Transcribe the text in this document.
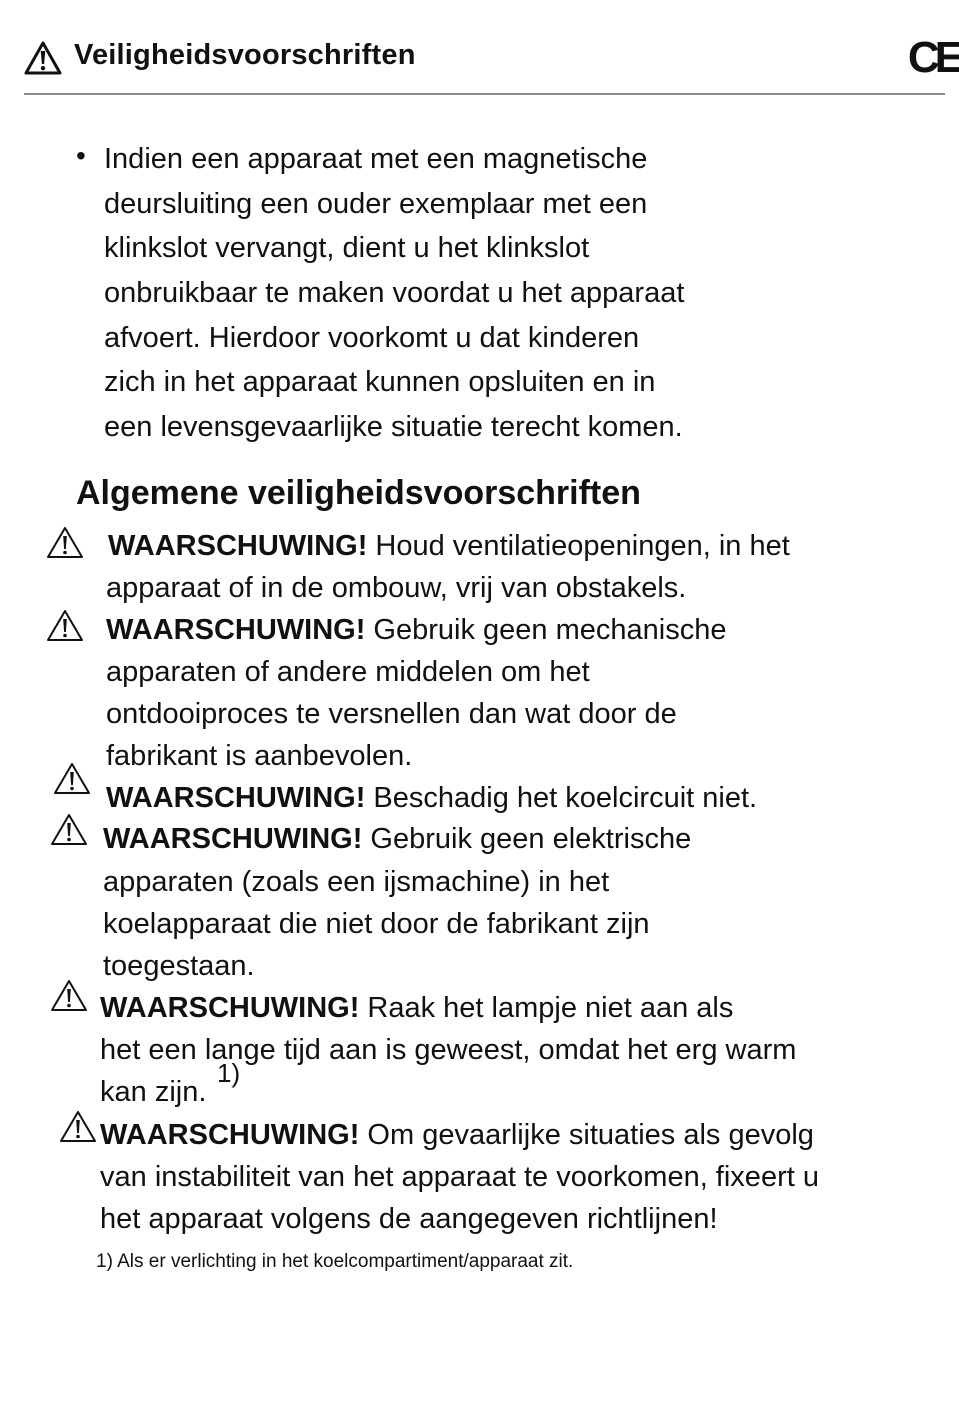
Veiligheidsvoorschriften	CE
• Indien een apparaat met een magnetische
deursluiting een ouder exemplaar met een
klinkslot vervangt, dient u het klinkslot
onbruikbaar te maken voordat u het apparaat
afvoert. Hierdoor voorkomt u dat kinderen
zich in het apparaat kunnen opsluiten en in
een levensgevaarlijke situatie terecht komen.
Algemene veiligheidsvoorschriften
WAARSCHUWING! Houd ventilatieopeningen, in het
apparaat of in de ombouw, vrij van obstakels.
WAARSCHUWING! Gebruik geen mechanische
apparaten of andere middelen om het
ontdooiproces te versnellen dan wat door de
fabrikant is aanbevolen.
WAARSCHUWING! Beschadig het koelcircuit niet.
WAARSCHUWING! Gebruik geen elektrische
apparaten (zoals een ijsmachine) in het
koelapparaat die niet door de fabrikant zijn
toegestaan.
WAARSCHUWING! Raak het lampje niet aan als
het een lange tijd aan is geweest, omdat het erg warm
kan zijn.
1)
WAARSCHUWING! Om gevaarlijke situaties als gevolg
van instabiliteit van het apparaat te voorkomen, fixeert u
het apparaat volgens de aangegeven richtlijnen!
1) Als er verlichting in het koelcompartiment/apparaat zit.
